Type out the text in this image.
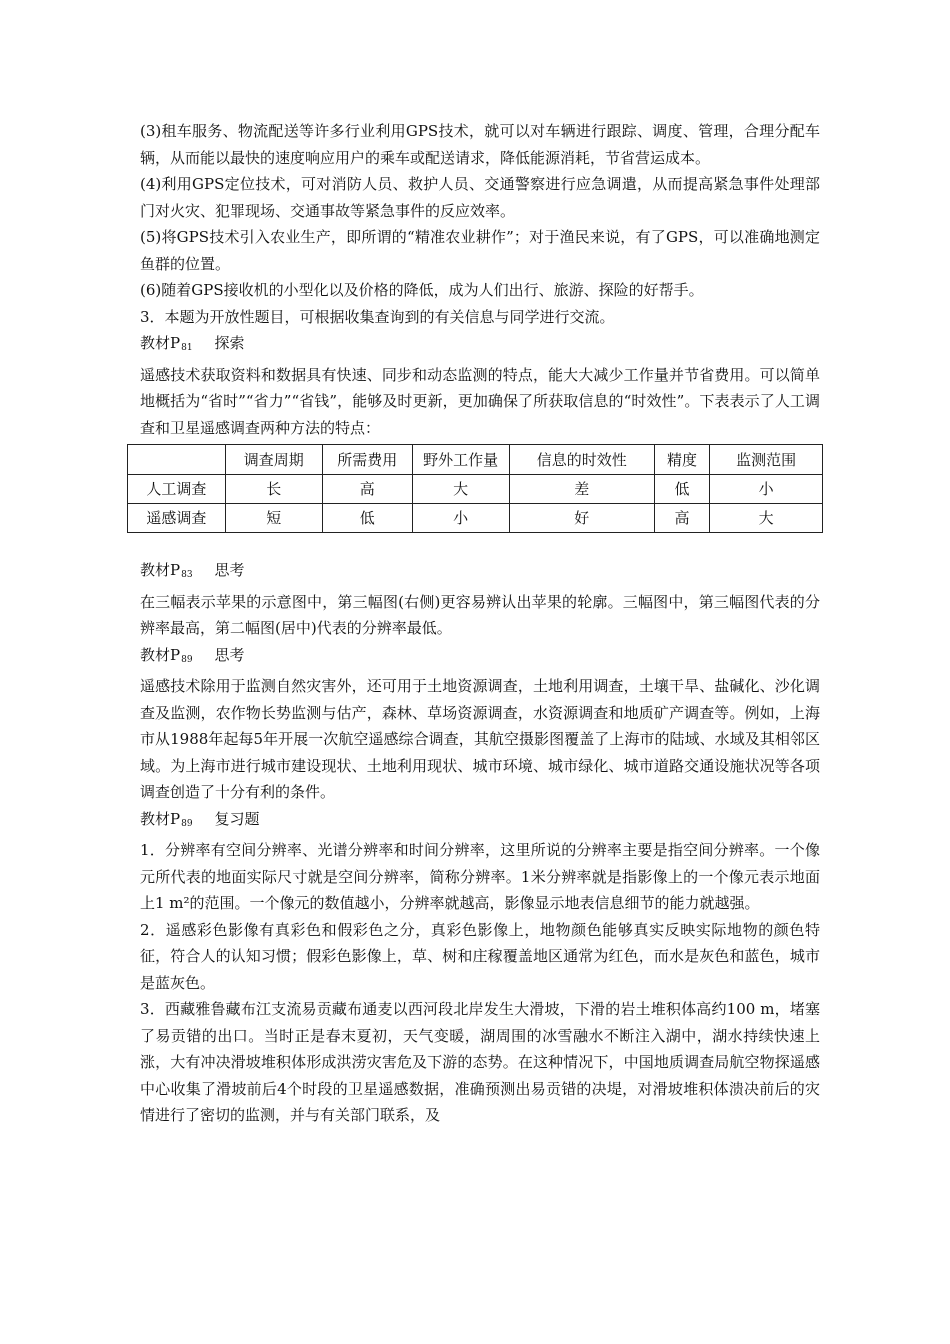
(3)租车服务、物流配送等许多行业利用GPS技术，就可以对车辆进行跟踪、调度、管理，合理分配车辆，从而能以最快的速度响应用户的乘车或配送请求，降低能源消耗，节省营运成本。

(4)利用GPS定位技术，可对消防人员、救护人员、交通警察进行应急调遣，从而提高紧急事件处理部门对火灾、犯罪现场、交通事故等紧急事件的反应效率。

(5)将GPS技术引入农业生产，即所谓的“精准农业耕作”；对于渔民来说，有了GPS，可以准确地测定鱼群的位置。

(6)随着GPS接收机的小型化以及价格的降低，成为人们出行、旅游、探险的好帮手。

3．本题为开放性题目，可根据收集查询到的有关信息与同学进行交流。

教材$P_{81}$ 探索

遥感技术获取资料和数据具有快速、同步和动态监测的特点，能大大减少工作量并节省费用。可以简单地概括为“省时”“省力”“省钱”，能够及时更新，更加确保了所获取信息的“时效性”。下表表示了人工调查和卫星遥感调查两种方法的特点：

	调查周期	所需费用	野外工作量	信息的时效性	精度	监测范围
人工调查	长	高	大	差	低	小
遥感调查	短	低	小	好	高	大

教材$P_{83}$ 思考

在三幅表示苹果的示意图中，第三幅图(右侧)更容易辨认出苹果的轮廓。三幅图中，第三幅图代表的分辨率最高，第二幅图(居中)代表的分辨率最低。

教材$P_{89}$ 思考

遥感技术除用于监测自然灾害外，还可用于土地资源调查，土地利用调查，土壤干旱、盐碱化、沙化调查及监测，农作物长势监测与估产，森林、草场资源调查，水资源调查和地质矿产调查等。例如，上海市从1988年起每5年开展一次航空遥感综合调查，其航空摄影图覆盖了上海市的陆域、水域及其相邻区域。为上海市进行城市建设现状、土地利用现状、城市环境、城市绿化、城市道路交通设施状况等各项调查创造了十分有利的条件。

教材$P_{89}$ 复习题

1．分辨率有空间分辨率、光谱分辨率和时间分辨率，这里所说的分辨率主要是指空间分辨率。一个像元所代表的地面实际尺寸就是空间分辨率，简称分辨率。1米分辨率就是指影像上的一个像元表示地面上1 m²的范围。一个像元的数值越小，分辨率就越高，影像显示地表信息细节的能力就越强。

2．遥感彩色影像有真彩色和假彩色之分，真彩色影像上，地物颜色能够真实反映实际地物的颜色特征，符合人的认知习惯；假彩色影像上，草、树和庄稼覆盖地区通常为红色，而水是灰色和蓝色，城市是蓝灰色。

3．西藏雅鲁藏布江支流易贡藏布通麦以西河段北岸发生大滑坡，下滑的岩土堆积体高约100 m，堵塞了易贡错的出口。当时正是春末夏初，天气变暖，湖周围的冰雪融水不断注入湖中，湖水持续快速上涨，大有冲决滑坡堆积体形成洪涝灾害危及下游的态势。在这种情况下，中国地质调查局航空物探遥感中心收集了滑坡前后4个时段的卫星遥感数据，准确预测出易贡错的决堤，对滑坡堆积体溃决前后的灾情进行了密切的监测，并与有关部门联系，及
